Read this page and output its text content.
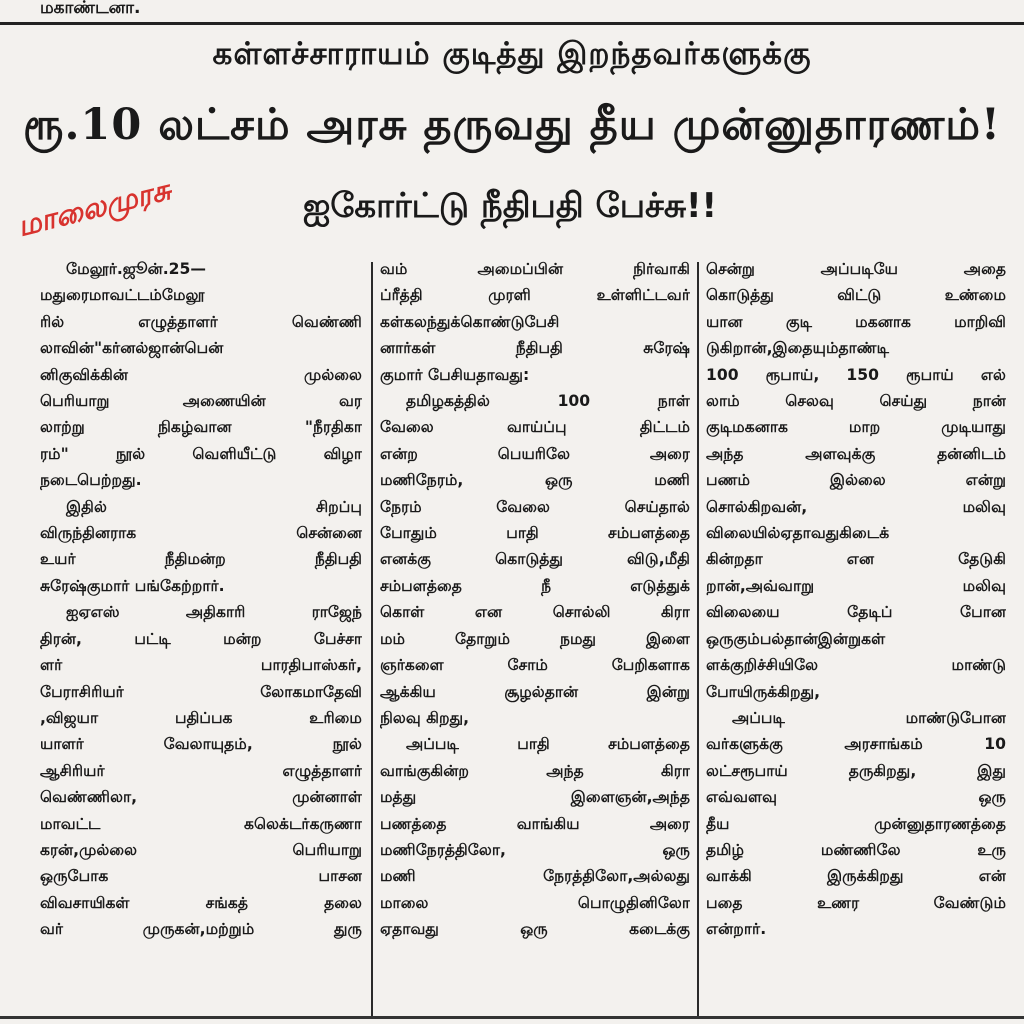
மகாண்டனா.
கள்ளச்சாராயம் குடித்து இறந்தவர்களுக்கு
ரூ.10 லட்சம் அரசு தருவது தீய முன்னுதாரணம்!
ஐகோர்ட்டு நீதிபதி பேச்சு!!
மாலைமுரசு
மேலூர்.ஜூன்.25—
மதுரைமாவட்டம்மேலூ
ரில் எழுத்தாளர் வெண்ணி
லாவின்"கர்னல்ஜான்பென்
னிகுவிக்கின் முல்லை
பெரியாறு அணையின் வர
லாற்று நிகழ்வான "நீரதிகா
ரம்" நூல் வெளியீட்டு விழா
நடைபெற்றது.
இதில் சிறப்பு
விருந்தினராக சென்னை
உயர் நீதிமன்ற நீதிபதி
சுரேஷ்குமார் பங்கேற்றார்.
ஐஏஎஸ் அதிகாரி ராஜேந்
திரன், பட்டி மன்ற பேச்சா
ளர் பாரதிபாஸ்கர்,
பேராசிரியர் லோகமாதேவி
,விஜயா பதிப்பக உரிமை
யாளர் வேலாயுதம், நூல்
ஆசிரியர் எழுத்தாளர்
வெண்ணிலா, முன்னாள்
மாவட்ட கலெக்டர்கருணா
கரன்,முல்லை பெரியாறு
ஒருபோக பாசன
விவசாயிகள் சங்கத் தலை
வர் முருகன்,மற்றும் துரு
வம் அமைப்பின் நிர்வாகி
ப்ரீத்தி முரளி உள்ளிட்டவர்
கள்கலந்துக்கொண்டுபேசி
னார்கள் நீதிபதி சுரேஷ்
குமார் பேசியதாவது:
தமிழகத்தில் 100 நாள்
வேலை வாய்ப்பு திட்டம்
என்ற பெயரிலே அரை
மணிநேரம், ஒரு மணி
நேரம் வேலை செய்தால்
போதும் பாதி சம்பளத்தை
எனக்கு கொடுத்து விடு,மீதி
சம்பளத்தை நீ எடுத்துக்
கொள் என சொல்லி கிரா
மம் தோறும் நமது இளை
ஞர்களை சோம் பேறிகளாக
ஆக்கிய சூழல்தான் இன்று
நிலவு கிறது,
அப்படி பாதி சம்பளத்தை
வாங்குகின்ற அந்த கிரா
மத்து இளைஞன்,அந்த
பணத்தை வாங்கிய அரை
மணிநேரத்திலோ, ஒரு
மணி நேரத்திலோ,அல்லது
மாலை பொழுதினிலோ
ஏதாவது ஒரு கடைக்கு
சென்று அப்படியே அதை
கொடுத்து விட்டு உண்மை
யான குடி மகனாக மாறிவி
டுகிறான்,இதையும்தாண்டி
100 ரூபாய், 150 ரூபாய் எல்
லாம் செலவு செய்து நான்
குடிமகனாக மாற முடியாது
அந்த அளவுக்கு தன்னிடம்
பணம் இல்லை என்று
சொல்கிறவன், மலிவு
விலையில்ஏதாவதுகிடைக்
கின்றதா என தேடுகி
றான்,அவ்வாறு மலிவு
விலையை தேடிப் போன
ஒருகும்பல்தான்இன்றுகள்
ளக்குறிச்சியிலே மாண்டு
போயிருக்கிறது,
அப்படி மாண்டுபோன
வர்களுக்கு அரசாங்கம் 10
லட்சரூபாய் தருகிறது, இது
எவ்வளவு ஒரு
தீய முன்னுதாரணத்தை
தமிழ் மண்ணிலே உரு
வாக்கி இருக்கிறது என்
பதை உணர வேண்டும்
என்றார்.
